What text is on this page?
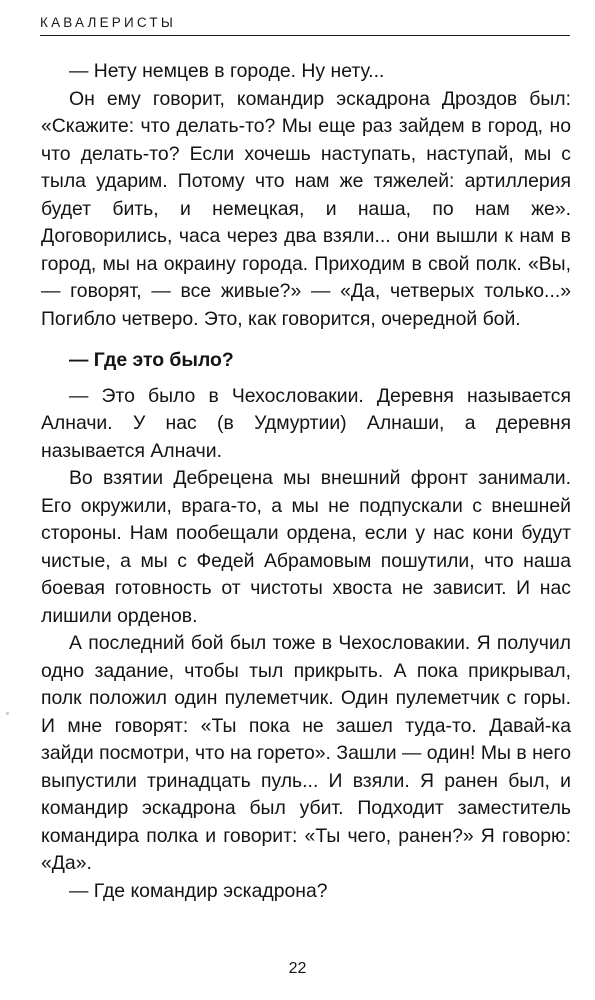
КАВАЛЕРИСТЫ

— Нету немцев в городе. Ну нету...

Он ему говорит, командир эскадрона Дроздов был: «Скажите: что делать-то? Мы еще раз зайдем в город, но что делать-то? Если хочешь наступать, наступай, мы с тыла ударим. Потому что нам же тяжелей: артиллерия будет бить, и немецкая, и наша, по нам же». Договорились, часа через два взяли... они вышли к нам в город, мы на окраину города. Приходим в свой полк. «Вы, — говорят, — все живые?» — «Да, четверых только...» Погибло четверо. Это, как говорится, очередной бой.

— Где это было?

— Это было в Чехословакии. Деревня называется Алначи. У нас (в Удмуртии) Алнаши, а деревня называется Алначи.

Во взятии Дебрецена мы внешний фронт занимали. Его окружили, врага-то, а мы не подпускали с внешней стороны. Нам пообещали ордена, если у нас кони будут чистые, а мы с Федей Абрамовым пошутили, что наша боевая готовность от чистоты хвоста не зависит. И нас лишили орденов.

А последний бой был тоже в Чехословакии. Я получил одно задание, чтобы тыл прикрыть. А пока прикрывал, полк положил один пулеметчик. Один пулеметчик с горы. И мне говорят: «Ты пока не зашел туда-то. Давай-ка зайди посмотри, что на горето». Зашли — один! Мы в него выпустили тринадцать пуль... И взяли. Я ранен был, и командир эскадрона был убит. Подходит заместитель командира полка и говорит: «Ты чего, ранен?» Я говорю: «Да».

— Где командир эскадрона?

22
